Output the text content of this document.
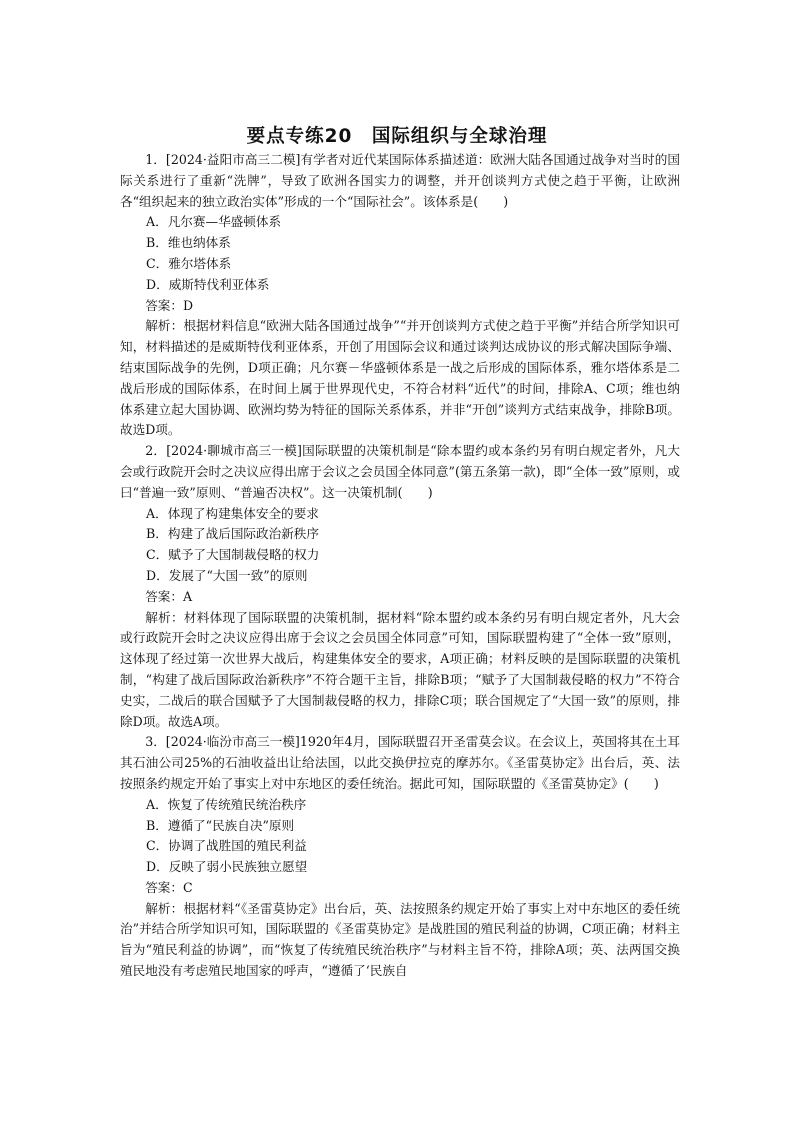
要点专练20　国际组织与全球治理

1．[2024·益阳市高三二模]有学者对近代某国际体系描述道：欧洲大陆各国通过战争对当时的国际关系进行了重新“洗牌”，导致了欧洲各国实力的调整，并开创谈判方式使之趋于平衡，让欧洲各“组织起来的独立政治实体”形成的一个“国际社会”。该体系是(　　)

A．凡尔赛—华盛顿体系

B．维也纳体系

C．雅尔塔体系

D．威斯特伐利亚体系

答案：D

解析：根据材料信息“欧洲大陆各国通过战争”“并开创谈判方式使之趋于平衡”并结合所学知识可知，材料描述的是威斯特伐利亚体系，开创了用国际会议和通过谈判达成协议的形式解决国际争端、结束国际战争的先例，D项正确；凡尔赛－华盛顿体系是一战之后形成的国际体系，雅尔塔体系是二战后形成的国际体系，在时间上属于世界现代史，不符合材料“近代”的时间，排除A、C项；维也纳体系建立起大国协调、欧洲均势为特征的国际关系体系，并非“开创”谈判方式结束战争，排除B项。故选D项。

2．[2024·聊城市高三一模]国际联盟的决策机制是“除本盟约或本条约另有明白规定者外，凡大会或行政院开会时之决议应得出席于会议之会员国全体同意”(第五条第一款)，即“全体一致”原则，或曰“普遍一致”原则、“普遍否决权”。这一决策机制(　　)

A．体现了构建集体安全的要求

B．构建了战后国际政治新秩序

C．赋予了大国制裁侵略的权力

D．发展了“大国一致”的原则

答案：A

解析：材料体现了国际联盟的决策机制，据材料“除本盟约或本条约另有明白规定者外，凡大会或行政院开会时之决议应得出席于会议之会员国全体同意”可知，国际联盟构建了“全体一致”原则，这体现了经过第一次世界大战后，构建集体安全的要求，A项正确；材料反映的是国际联盟的决策机制，“构建了战后国际政治新秩序”不符合题干主旨，排除B项；“赋予了大国制裁侵略的权力”不符合史实，二战后的联合国赋予了大国制裁侵略的权力，排除C项；联合国规定了“大国一致”的原则，排除D项。故选A项。

3．[2024·临汾市高三一模]1920年4月，国际联盟召开圣雷莫会议。在会议上，英国将其在土耳其石油公司25%的石油收益出让给法国，以此交换伊拉克的摩苏尔。《圣雷莫协定》出台后，英、法按照条约规定开始了事实上对中东地区的委任统治。据此可知，国际联盟的《圣雷莫协定》(　　)

A．恢复了传统殖民统治秩序

B．遵循了“民族自决”原则

C．协调了战胜国的殖民利益

D．反映了弱小民族独立愿望

答案：C

解析：根据材料“《圣雷莫协定》出台后，英、法按照条约规定开始了事实上对中东地区的委任统治”并结合所学知识可知，国际联盟的《圣雷莫协定》是战胜国的殖民利益的协调，C项正确；材料主旨为“殖民利益的协调”，而“恢复了传统殖民统治秩序”与材料主旨不符，排除A项；英、法两国交换殖民地没有考虑殖民地国家的呼声，“遵循了‘民族自
